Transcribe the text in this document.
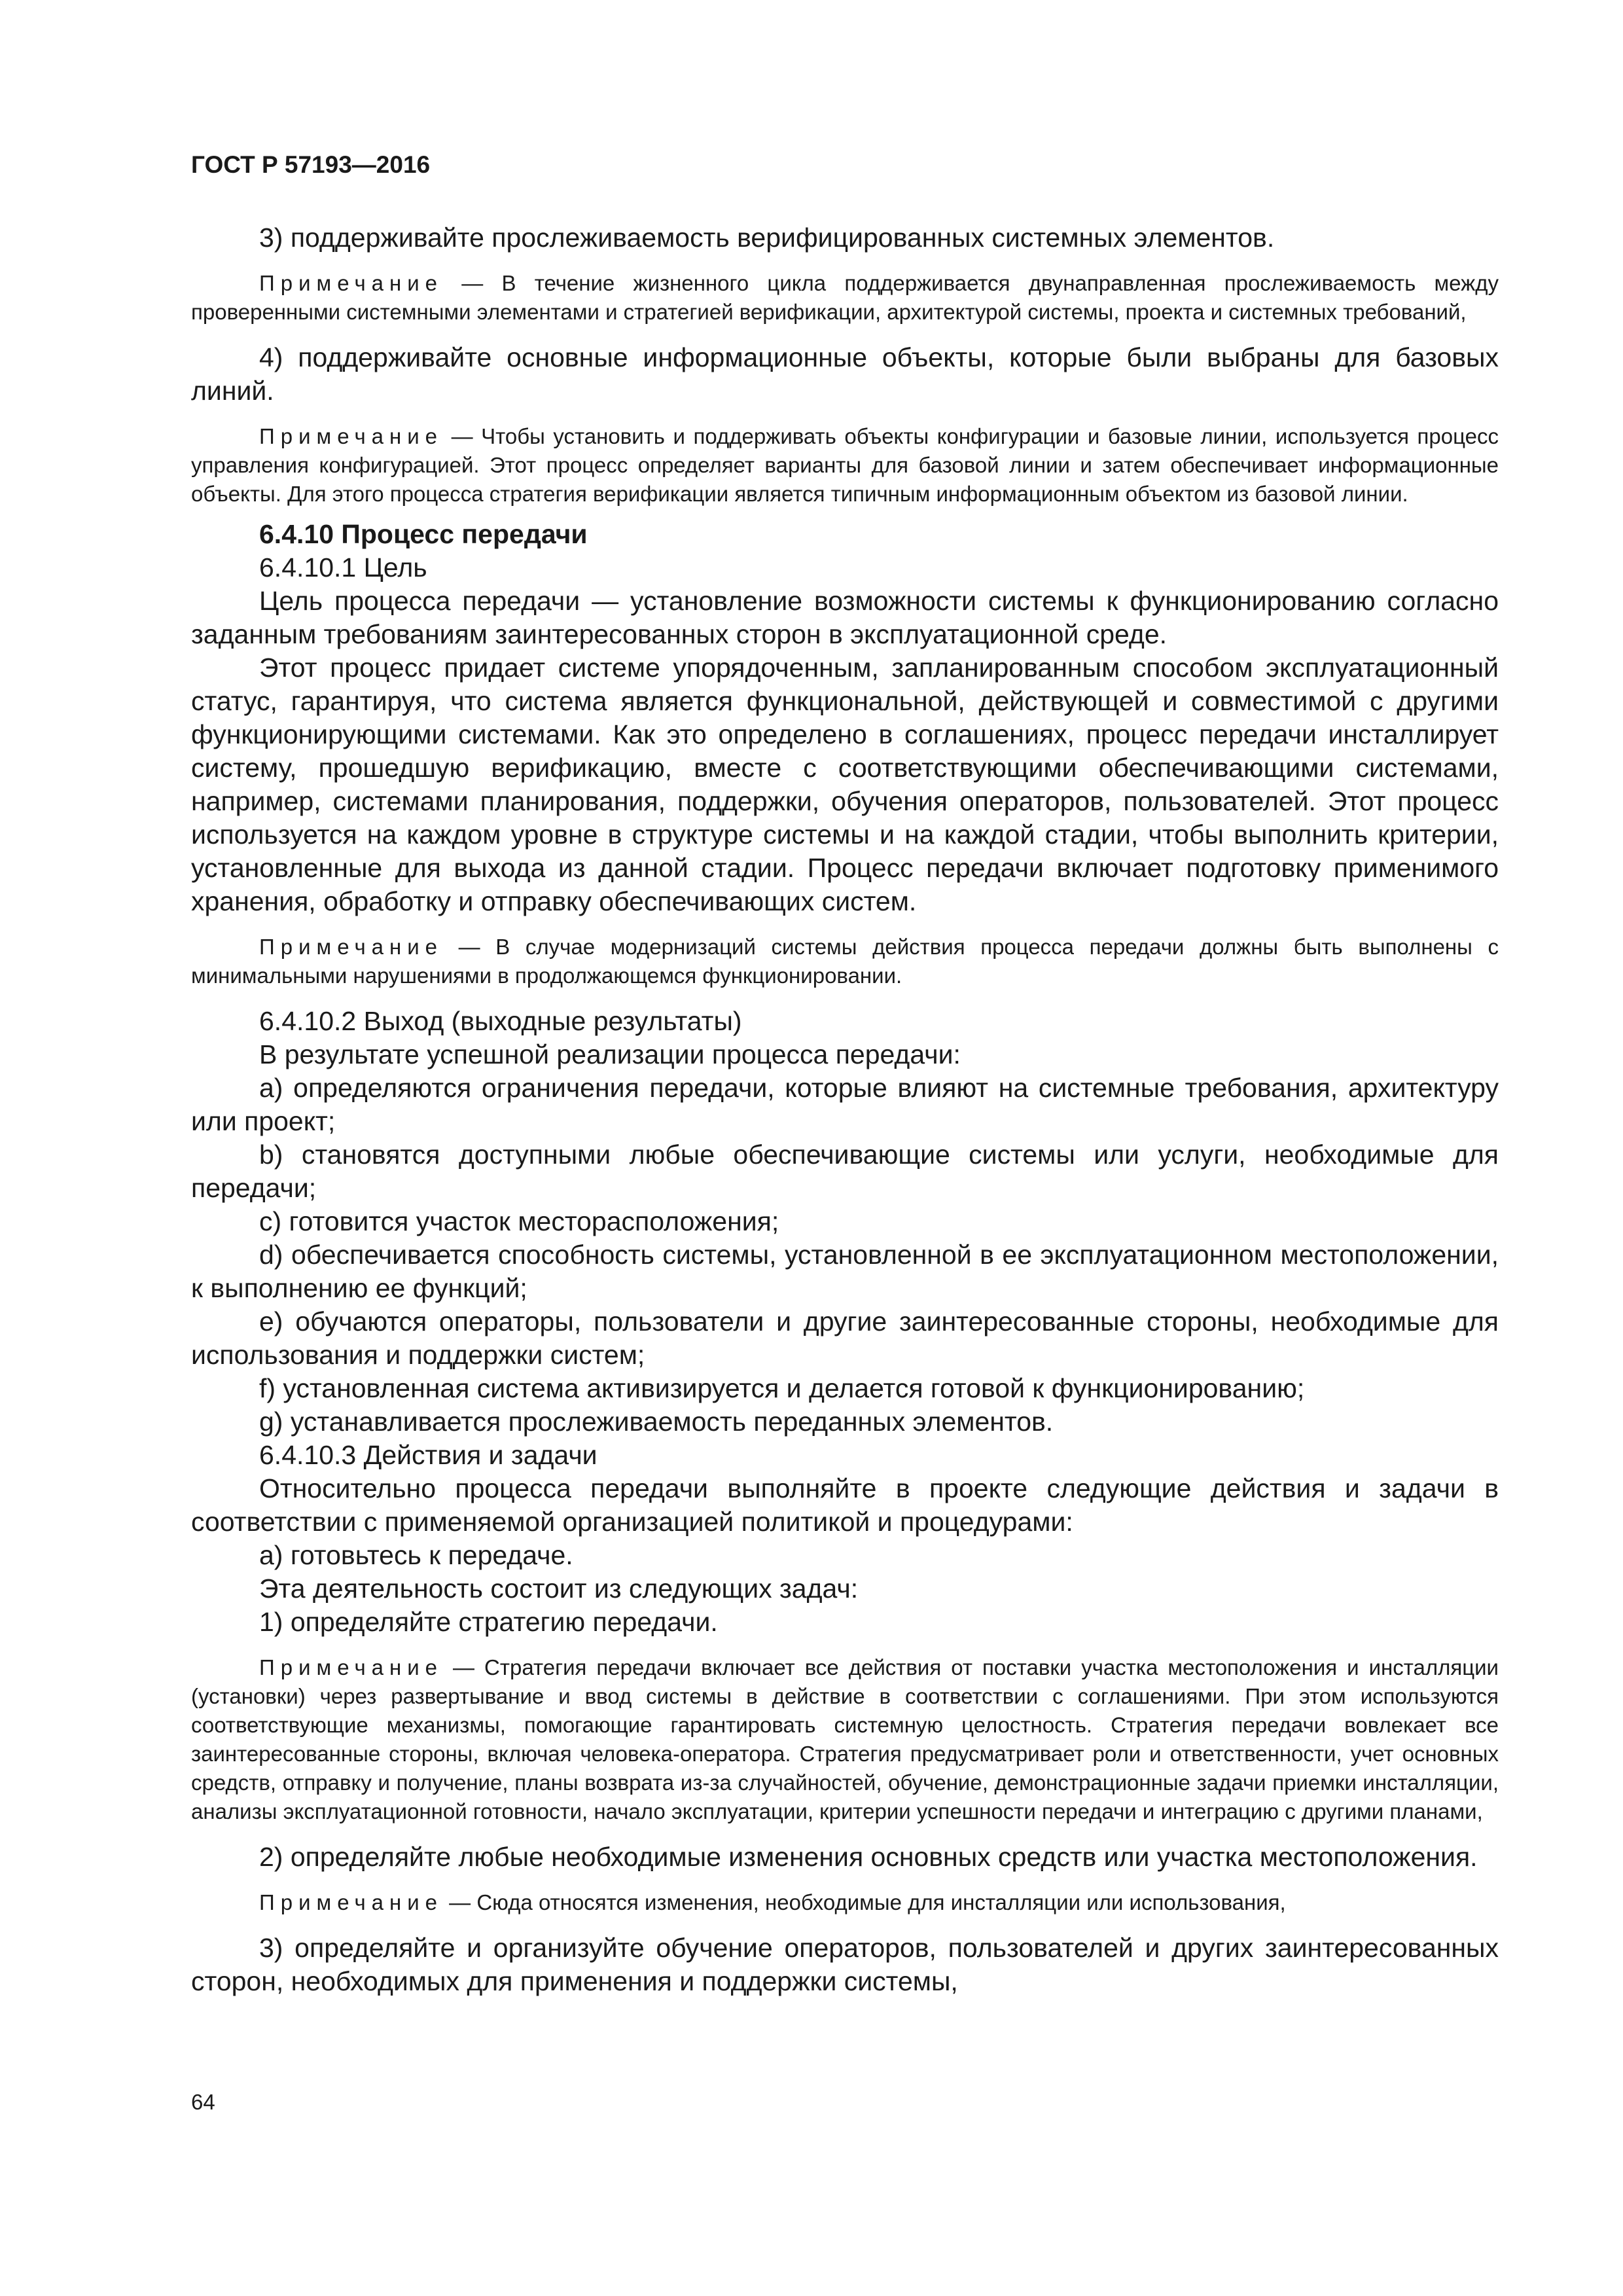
ГОСТ Р 57193—2016

3) поддерживайте прослеживаемость верифицированных системных элементов.

Примечание — В течение жизненного цикла поддерживается двунаправленная прослеживаемость между проверенными системными элементами и стратегией верификации, архитектурой системы, проекта и системных требований,

4) поддерживайте основные информационные объекты, которые были выбраны для базовых линий.

Примечание — Чтобы установить и поддерживать объекты конфигурации и базовые линии, используется процесс управления конфигурацией. Этот процесс определяет варианты для базовой линии и затем обеспечивает информационные объекты. Для этого процесса стратегия верификации является типичным информационным объектом из базовой линии.

6.4.10 Процесс передачи

6.4.10.1 Цель

Цель процесса передачи — установление возможности системы к функционированию согласно заданным требованиям заинтересованных сторон в эксплуатационной среде.

Этот процесс придает системе упорядоченным, запланированным способом эксплуатационный статус, гарантируя, что система является функциональной, действующей и совместимой с другими функционирующими системами. Как это определено в соглашениях, процесс передачи инсталлирует систему, прошедшую верификацию, вместе с соответствующими обеспечивающими системами, например, системами планирования, поддержки, обучения операторов, пользователей. Этот процесс используется на каждом уровне в структуре системы и на каждой стадии, чтобы выполнить критерии, установленные для выхода из данной стадии. Процесс передачи включает подготовку применимого хранения, обработку и отправку обеспечивающих систем.

Примечание — В случае модернизаций системы действия процесса передачи должны быть выполнены с минимальными нарушениями в продолжающемся функционировании.

6.4.10.2 Выход (выходные результаты)

В результате успешной реализации процесса передачи:

a) определяются ограничения передачи, которые влияют на системные требования, архитектуру или проект;

b) становятся доступными любые обеспечивающие системы или услуги, необходимые для передачи;

c) готовится участок месторасположения;

d) обеспечивается способность системы, установленной в ее эксплуатационном местоположении, к выполнению ее функций;

e) обучаются операторы, пользователи и другие заинтересованные стороны, необходимые для использования и поддержки систем;

f) установленная система активизируется и делается готовой к функционированию;

g) устанавливается прослеживаемость переданных элементов.

6.4.10.3 Действия и задачи

Относительно процесса передачи выполняйте в проекте следующие действия и задачи в соответствии с применяемой организацией политикой и процедурами:

a) готовьтесь к передаче.

Эта деятельность состоит из следующих задач:

1) определяйте стратегию передачи.

Примечание — Стратегия передачи включает все действия от поставки участка местоположения и инсталляции (установки) через развертывание и ввод системы в действие в соответствии с соглашениями. При этом используются соответствующие механизмы, помогающие гарантировать системную целостность. Стратегия передачи вовлекает все заинтересованные стороны, включая человека-оператора. Стратегия предусматривает роли и ответственности, учет основных средств, отправку и получение, планы возврата из-за случайностей, обучение, демонстрационные задачи приемки инсталляции, анализы эксплуатационной готовности, начало эксплуатации, критерии успешности передачи и интеграцию с другими планами,

2) определяйте любые необходимые изменения основных средств или участка местоположения.

Примечание — Сюда относятся изменения, необходимые для инсталляции или использования,

3) определяйте и организуйте обучение операторов, пользователей и других заинтересованных сторон, необходимых для применения и поддержки системы,

64
